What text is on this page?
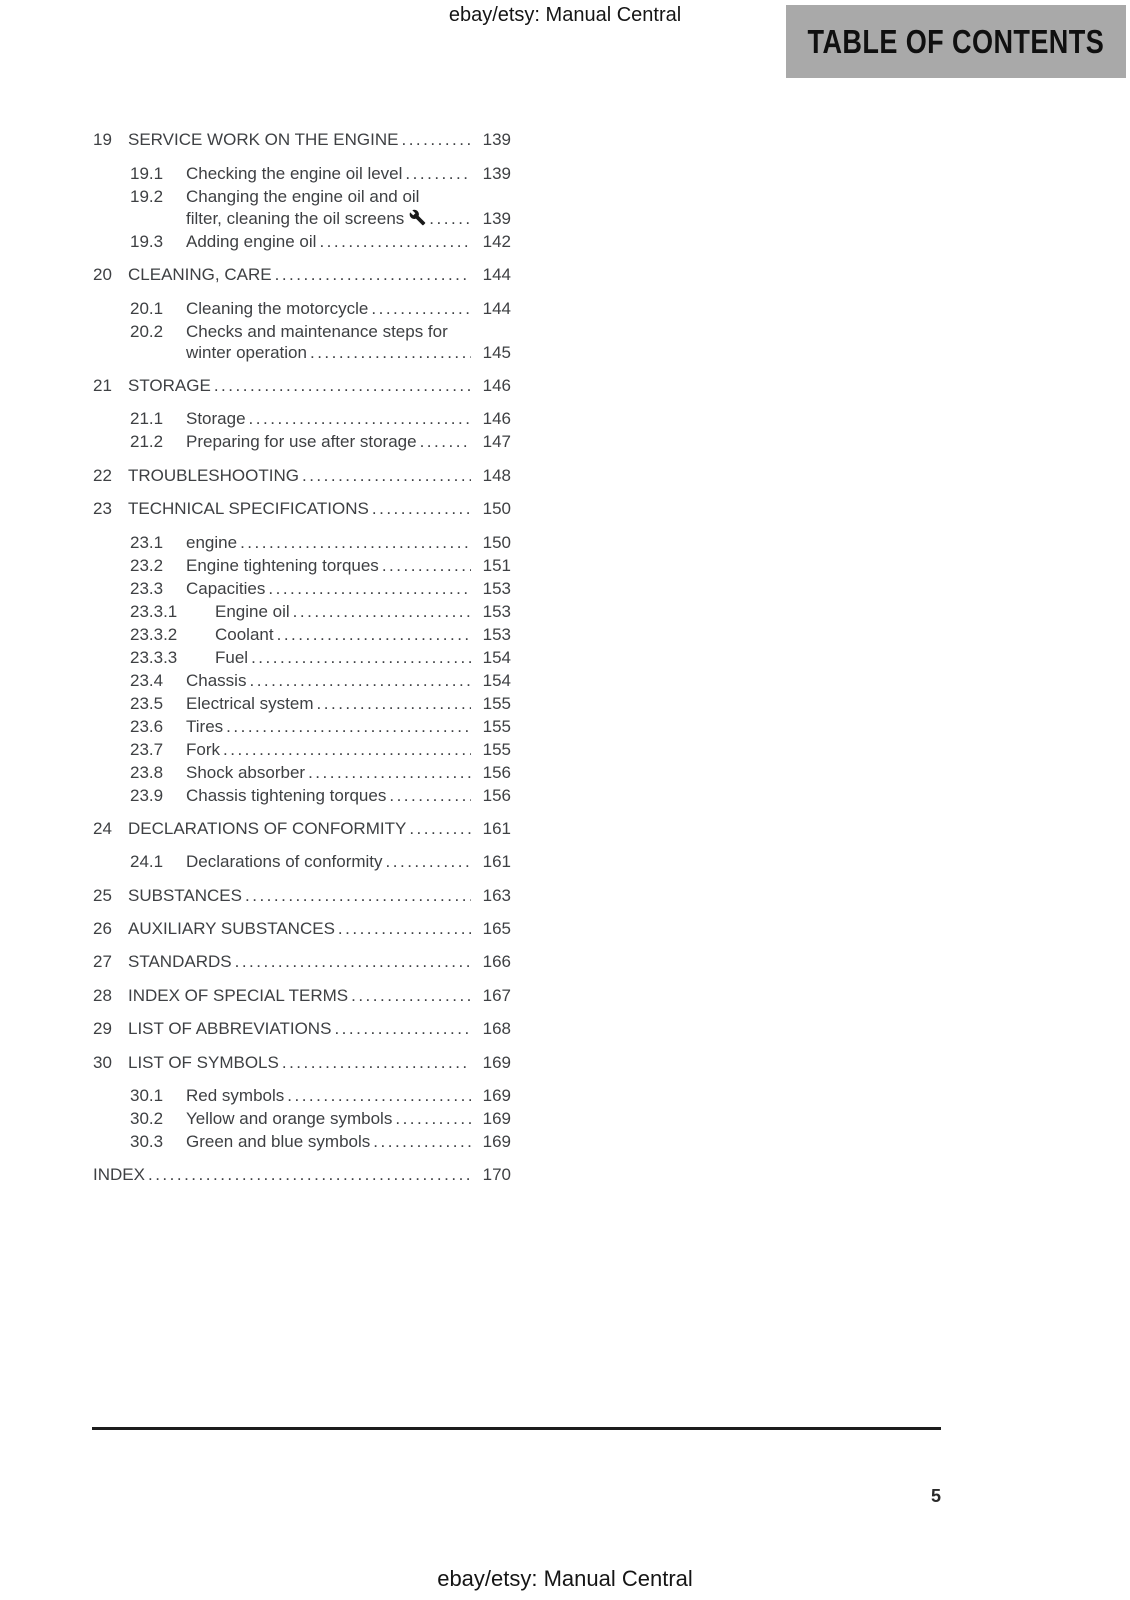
ebay/etsy: Manual Central
TABLE OF CONTENTS
19 SERVICE WORK ON THE ENGINE .....	139
19.1	Checking the engine oil level .....	139
19.2	Changing the engine oil and oil
filter, cleaning the oil screens .....	139
19.3	Adding engine oil .....	142
20 CLEANING, CARE .....	144
20.1	Cleaning the motorcycle .....	144
20.2	Checks and maintenance steps for
winter operation .....	145
21 STORAGE .....	146
21.1	Storage .....	146
21.2	Preparing for use after storage .....	147
22 TROUBLESHOOTING .....	148
23 TECHNICAL SPECIFICATIONS .....	150
23.1	engine .....	150
23.2	Engine tightening torques .....	151
23.3	Capacities .....	153
23.3.1	Engine oil .....	153
23.3.2	Coolant .....	153
23.3.3	Fuel .....	154
23.4	Chassis .....	154
23.5	Electrical system .....	155
23.6	Tires .....	155
23.7	Fork .....	155
23.8	Shock absorber .....	156
23.9	Chassis tightening torques .....	156
24 DECLARATIONS OF CONFORMITY .....	161
24.1	Declarations of conformity .....	161
25 SUBSTANCES .....	163
26 AUXILIARY SUBSTANCES .....	165
27 STANDARDS .....	166
28 INDEX OF SPECIAL TERMS .....	167
29 LIST OF ABBREVIATIONS .....	168
30 LIST OF SYMBOLS .....	169
30.1	Red symbols .....	169
30.2	Yellow and orange symbols .....	169
30.3	Green and blue symbols .....	169
INDEX .....	170
5
ebay/etsy: Manual Central
